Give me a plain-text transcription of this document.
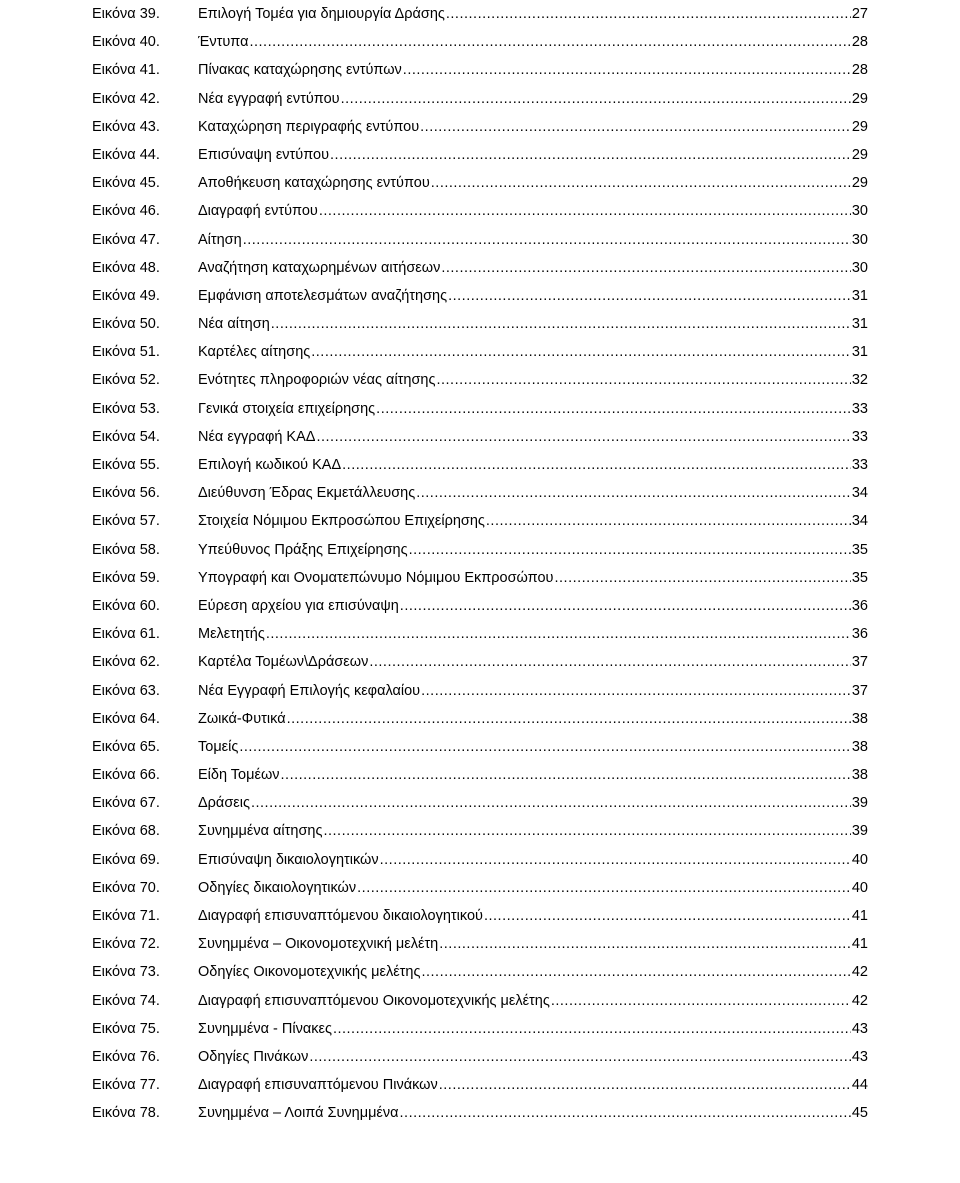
Εικόνα 39.	Επιλογή Τομέα για δημιουργία Δράσης .....	27
Εικόνα 40.	Έντυπα .....	28
Εικόνα 41.	Πίνακας καταχώρησης εντύπων .....	28
Εικόνα 42.	Νέα εγγραφή εντύπου .....	29
Εικόνα 43.	Καταχώρηση περιγραφής εντύπου .....	29
Εικόνα 44.	Επισύναψη εντύπου .....	29
Εικόνα 45.	Αποθήκευση καταχώρησης εντύπου .....	29
Εικόνα 46.	Διαγραφή εντύπου .....	30
Εικόνα 47.	Αίτηση .....	30
Εικόνα 48.	Αναζήτηση καταχωρημένων αιτήσεων .....	30
Εικόνα 49.	Εμφάνιση αποτελεσμάτων αναζήτησης .....	31
Εικόνα 50.	Νέα αίτηση .....	31
Εικόνα 51.	Καρτέλες αίτησης .....	31
Εικόνα 52.	Ενότητες πληροφοριών νέας αίτησης .....	32
Εικόνα 53.	Γενικά στοιχεία επιχείρησης .....	33
Εικόνα 54.	Νέα εγγραφή ΚΑΔ .....	33
Εικόνα 55.	Επιλογή κωδικού ΚΑΔ .....	33
Εικόνα 56.	Διεύθυνση Έδρας Εκμετάλλευσης .....	34
Εικόνα 57.	Στοιχεία Νόμιμου Εκπροσώπου Επιχείρησης .....	34
Εικόνα 58.	Υπεύθυνος Πράξης Επιχείρησης .....	35
Εικόνα 59.	Υπογραφή και Ονοματεπώνυμο Νόμιμου Εκπροσώπου .....	35
Εικόνα 60.	Εύρεση αρχείου για επισύναψη .....	36
Εικόνα 61.	Μελετητής .....	36
Εικόνα 62.	Καρτέλα Τομέων\Δράσεων .....	37
Εικόνα 63.	Νέα Εγγραφή Επιλογής κεφαλαίου .....	37
Εικόνα 64.	Ζωικά-Φυτικά .....	38
Εικόνα 65.	Τομείς .....	38
Εικόνα 66.	Είδη Τομέων .....	38
Εικόνα 67.	Δράσεις .....	39
Εικόνα 68.	Συνημμένα αίτησης .....	39
Εικόνα 69.	Επισύναψη δικαιολογητικών .....	40
Εικόνα 70.	Οδηγίες δικαιολογητικών .....	40
Εικόνα 71.	Διαγραφή επισυναπτόμενου δικαιολογητικού .....	41
Εικόνα 72.	Συνημμένα – Οικονομοτεχνική μελέτη .....	41
Εικόνα 73.	Οδηγίες Οικονομοτεχνικής μελέτης .....	42
Εικόνα 74.	Διαγραφή επισυναπτόμενου Οικονομοτεχνικής μελέτης .....	42
Εικόνα 75.	Συνημμένα - Πίνακες .....	43
Εικόνα 76.	Οδηγίες Πινάκων .....	43
Εικόνα 77.	Διαγραφή επισυναπτόμενου Πινάκων .....	44
Εικόνα 78.	Συνημμένα – Λοιπά Συνημμένα .....	45
